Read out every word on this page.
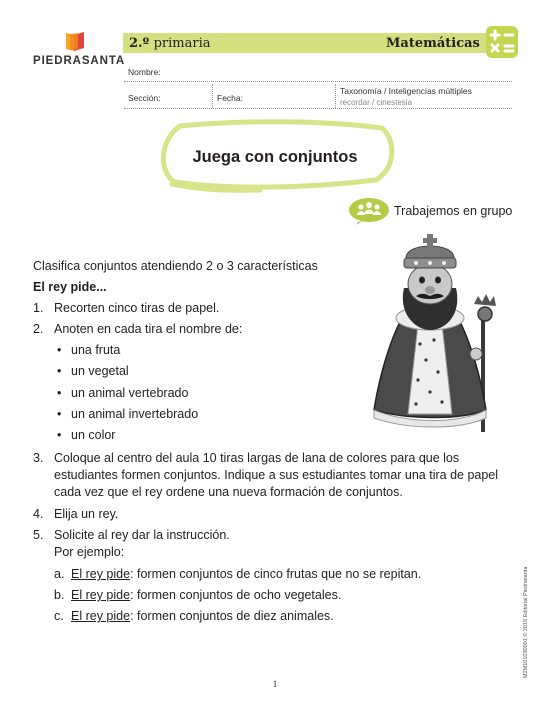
PIEDRASANTA
2.º primaria	Matemáticas
Nombre:
Sección:	Fecha:
Taxonomía / Inteligencias múltiples
recordar / cinestesia
Juega con conjuntos
Trabajemos en grupo
Clasifica conjuntos atendiendo 2 o 3 características
El rey pide...
1. Recorten cinco tiras de papel.
2. Anoten en cada tira el nombre de:
• una fruta
• un vegetal
• un animal vertebrado
• un animal invertebrado
• un color
3. Coloque al centro del aula 10 tiras largas de lana de colores para que los
estudiantes formen conjuntos. Indique a sus estudiantes tomar una tira de papel
cada vez que el rey ordene una nueva formación de conjuntos.
4. Elija un rey.
5. Solicite al rey dar la instrucción.
Por ejemplo:
a. El rey pide: formen conjuntos de cinco frutas que no se repitan.
b. El rey pide: formen conjuntos de ocho vegetales.
c. El rey pide: formen conjuntos de diez animales.	M2M101030001 © 2018 Editorial Piedrasanta
1
